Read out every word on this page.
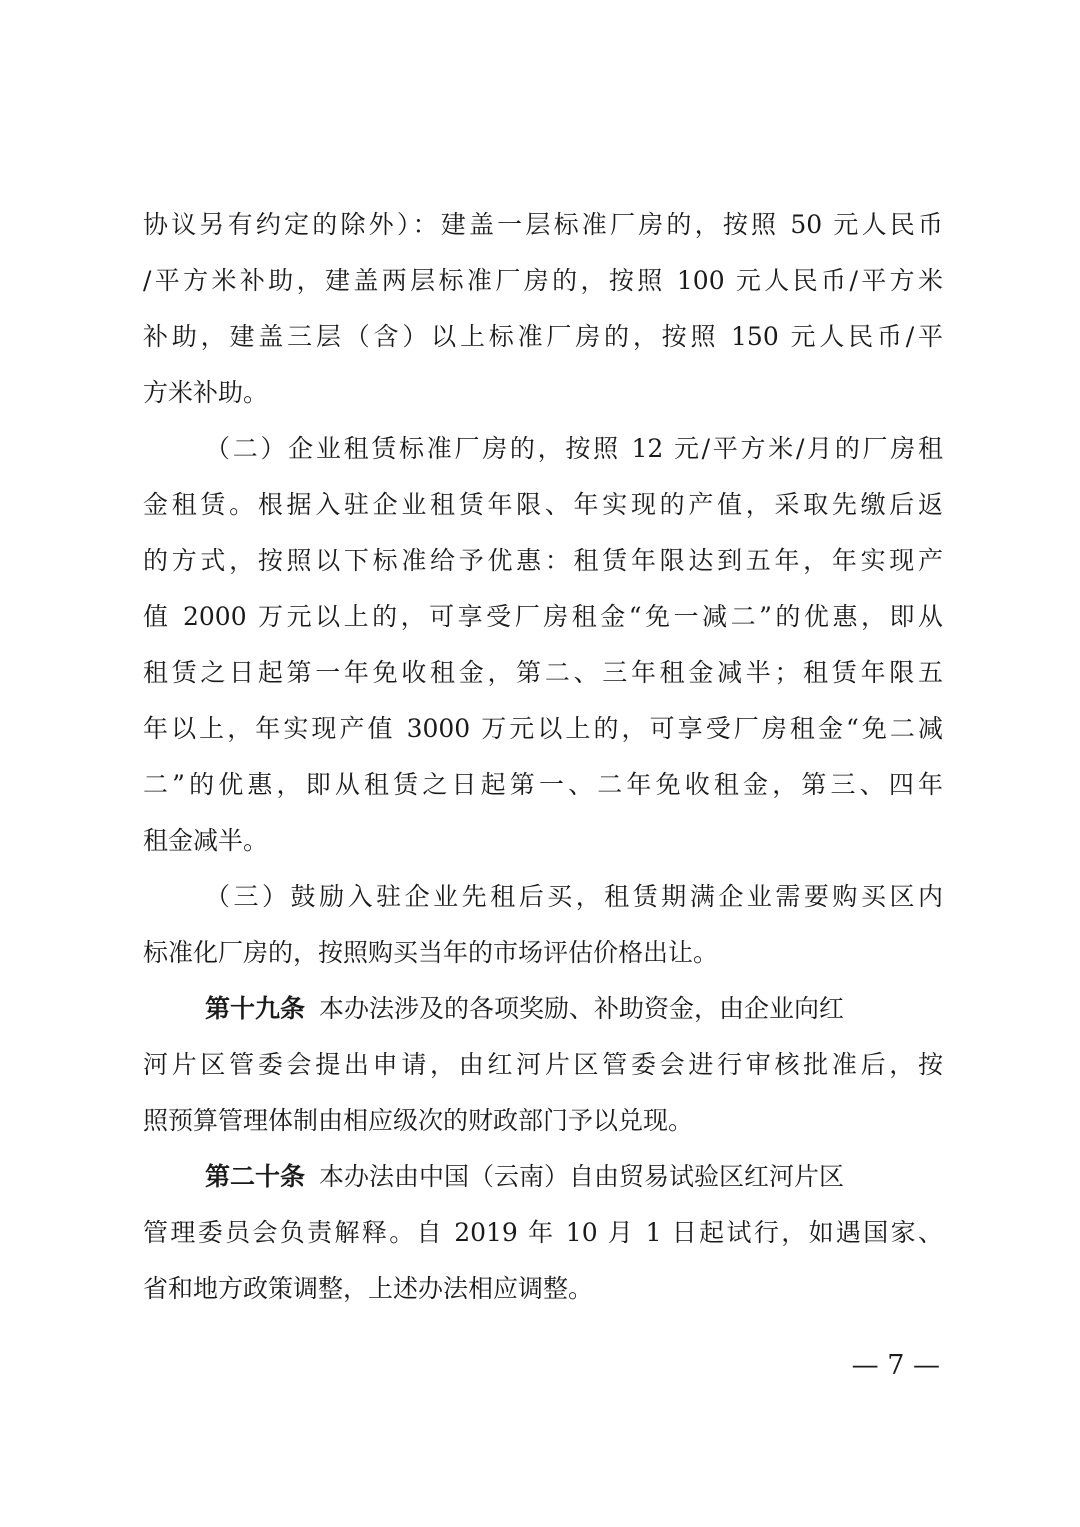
协议另有约定的除外）：建盖一层标准厂房的，按照 50 元人民币
/平方米补助，建盖两层标准厂房的，按照 100 元人民币/平方米
补助，建盖三层（含）以上标准厂房的，按照 150 元人民币/平
方米补助。
（二）企业租赁标准厂房的，按照 12 元/平方米/月的厂房租
金租赁。根据入驻企业租赁年限、年实现的产值，采取先缴后返
的方式，按照以下标准给予优惠：租赁年限达到五年，年实现产
值 2000 万元以上的，可享受厂房租金“免一减二”的优惠，即从
租赁之日起第一年免收租金，第二、三年租金减半；租赁年限五
年以上，年实现产值 3000 万元以上的，可享受厂房租金“免二减
二”的优惠，即从租赁之日起第一、二年免收租金，第三、四年
租金减半。
（三）鼓励入驻企业先租后买，租赁期满企业需要购买区内
标准化厂房的，按照购买当年的市场评估价格出让。
第十九条 本办法涉及的各项奖励、补助资金，由企业向红
河片区管委会提出申请，由红河片区管委会进行审核批准后，按
照预算管理体制由相应级次的财政部门予以兑现。
第二十条 本办法由中国（云南）自由贸易试验区红河片区
管理委员会负责解释。自 2019 年 10 月 1 日起试行，如遇国家、
省和地方政策调整，上述办法相应调整。
— 7 —
